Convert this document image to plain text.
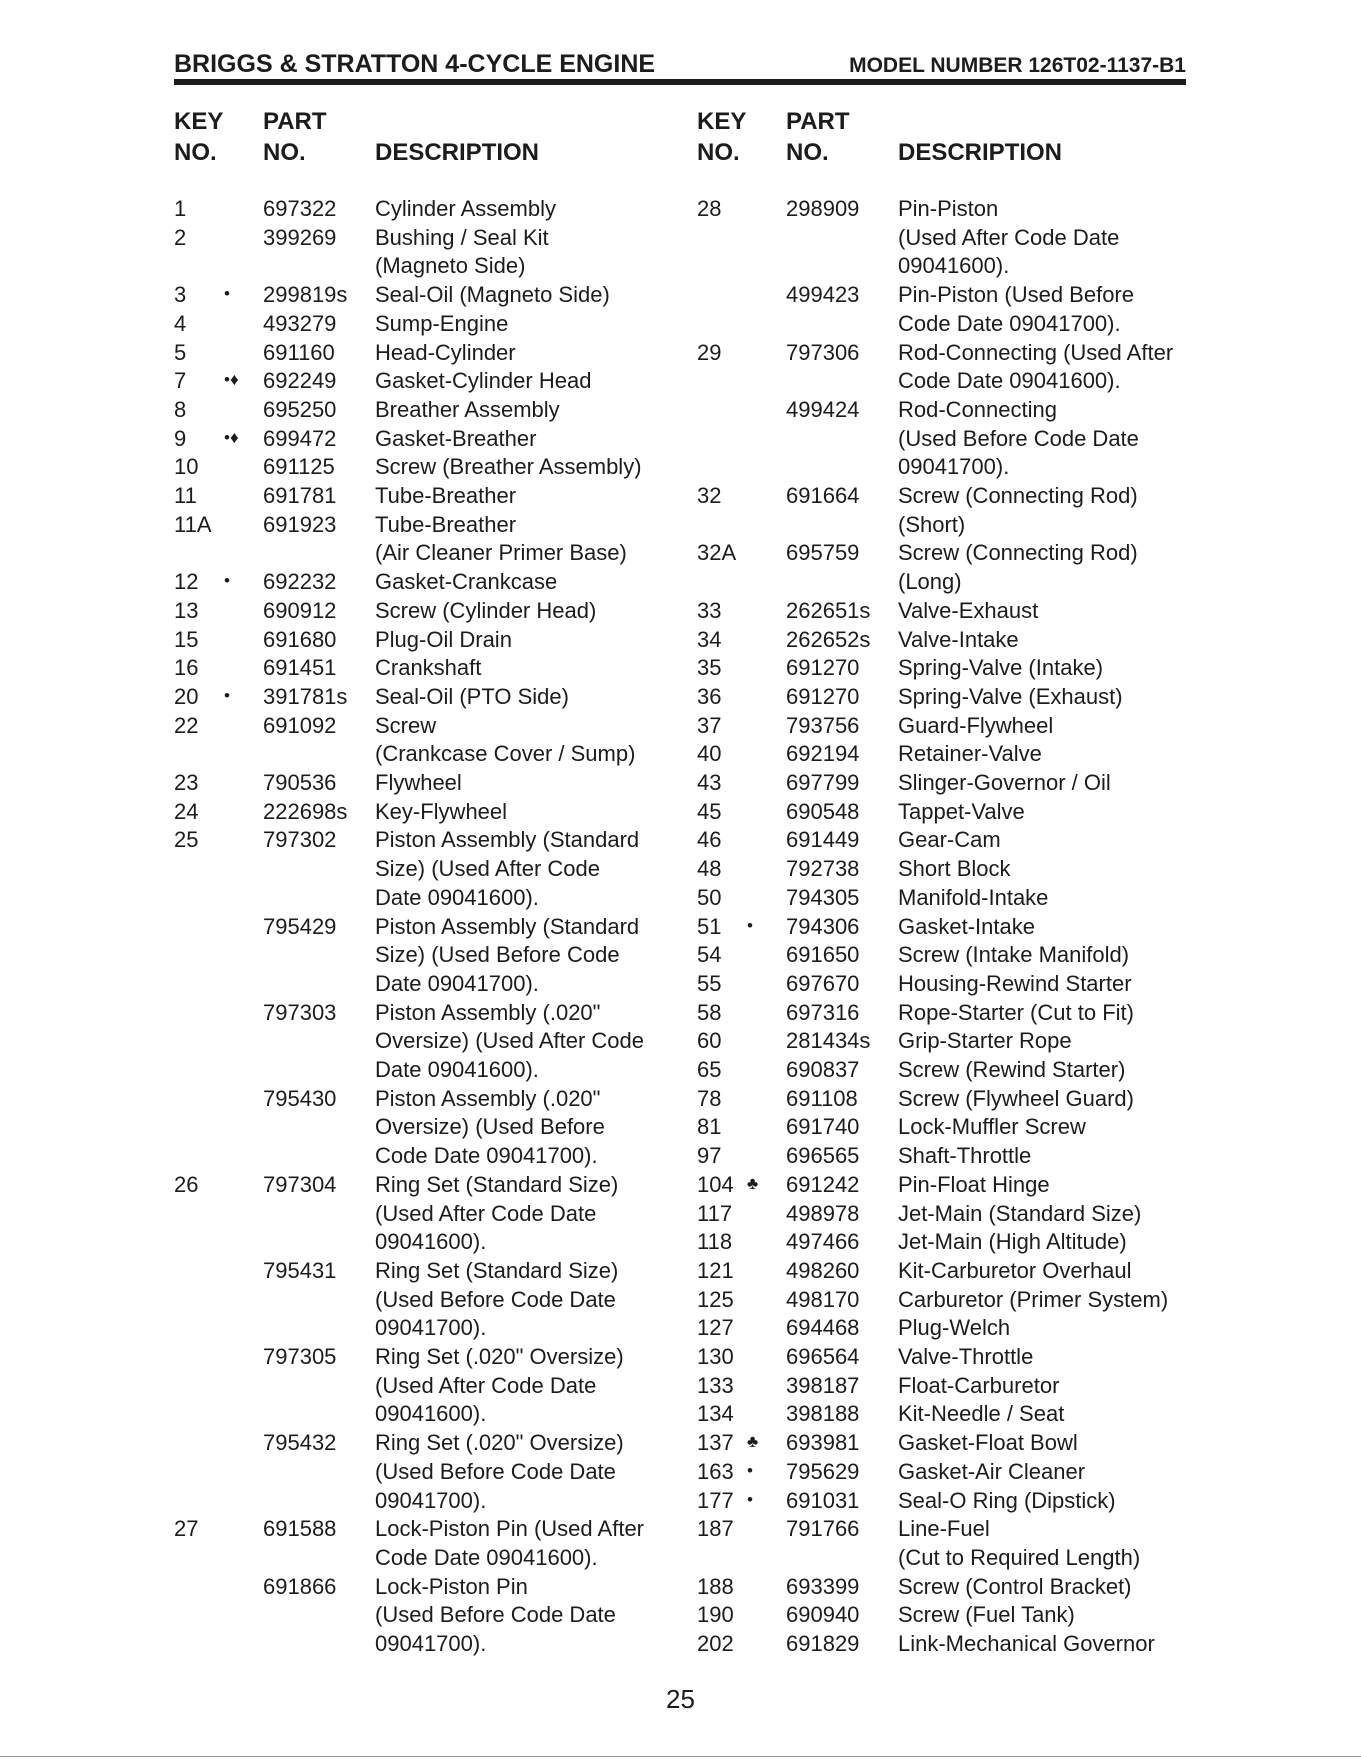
BRIGGS & STRATTON 4-CYCLE ENGINE	MODEL NUMBER 126T02-1137-B1
KEY
NO.
PART
NO.	DESCRIPTION
1	697322 Cylinder Assembly
2	399269 Bushing / Seal Kit
(Magneto Side)
3 • 299819s Seal-Oil (Magneto Side)
4	493279 Sump-Engine
5	691160 Head-Cylinder
7 •♦ 692249 Gasket-Cylinder Head
8	695250 Breather Assembly
9 •♦ 699472 Gasket-Breather
10	691125 Screw (Breather Assembly)
11	691781 Tube-Breather
11A 691923 Tube-Breather
(Air Cleaner Primer Base)
12 • 692232 Gasket-Crankcase
13	690912 Screw (Cylinder Head)
15	691680 Plug-Oil Drain
16	691451 Crankshaft
20 • 391781s Seal-Oil (PTO Side)
22	691092 Screw
(Crankcase Cover / Sump)
23	790536 Flywheel
24	222698s Key-Flywheel
25	797302 Piston Assembly (Standard
Size) (Used After Code
Date 09041600).
795429 Piston Assembly (Standard
Size) (Used Before Code
Date 09041700).
797303 Piston Assembly (.020"
Oversize) (Used After Code
Date 09041600).
795430 Piston Assembly (.020"
Oversize) (Used Before
Code Date 09041700).
26	797304 Ring Set (Standard Size)
(Used After Code Date
09041600).
795431 Ring Set (Standard Size)
(Used Before Code Date
09041700).
797305 Ring Set (.020" Oversize)
(Used After Code Date
09041600).
795432 Ring Set (.020" Oversize)
(Used Before Code Date
09041700).
27	691588 Lock-Piston Pin (Used After
Code Date 09041600).
691866 Lock-Piston Pin
(Used Before Code Date
09041700).
KEY
NO.
PART
NO.	DESCRIPTION
28	298909 Pin-Piston
(Used After Code Date
09041600).
499423 Pin-Piston (Used Before
Code Date 09041700).
29	797306 Rod-Connecting (Used After
Code Date 09041600).
499424 Rod-Connecting
(Used Before Code Date
09041700).
32	691664 Screw (Connecting Rod)
(Short)
32A 695759 Screw (Connecting Rod)
(Long)
33	262651s Valve-Exhaust
34	262652s Valve-Intake
35	691270 Spring-Valve (Intake)
36	691270 Spring-Valve (Exhaust)
37	793756 Guard-Flywheel
40	692194 Retainer-Valve
43	697799 Slinger-Governor / Oil
45	690548 Tappet-Valve
46	691449 Gear-Cam
48	792738 Short Block
50	794305 Manifold-Intake
51 • 794306 Gasket-Intake
54	691650 Screw (Intake Manifold)
55	697670 Housing-Rewind Starter
58	697316 Rope-Starter (Cut to Fit)
60	281434s Grip-Starter Rope
65	690837 Screw (Rewind Starter)
78	691108 Screw (Flywheel Guard)
81	691740 Lock-Muffler Screw
97	696565 Shaft-Throttle
104 ♣ 691242 Pin-Float Hinge
117 498978 Jet-Main (Standard Size)
118 497466 Jet-Main (High Altitude)
121 498260 Kit-Carburetor Overhaul
125 498170 Carburetor (Primer System)
127 694468 Plug-Welch
130 696564 Valve-Throttle
133 398187 Float-Carburetor
134 398188 Kit-Needle / Seat
137 ♣ 693981 Gasket-Float Bowl
163 • 795629 Gasket-Air Cleaner
177 • 691031 Seal-O Ring (Dipstick)
187 791766 Line-Fuel
(Cut to Required Length)
188 693399 Screw (Control Bracket)
190 690940 Screw (Fuel Tank)
202 691829 Link-Mechanical Governor
25
